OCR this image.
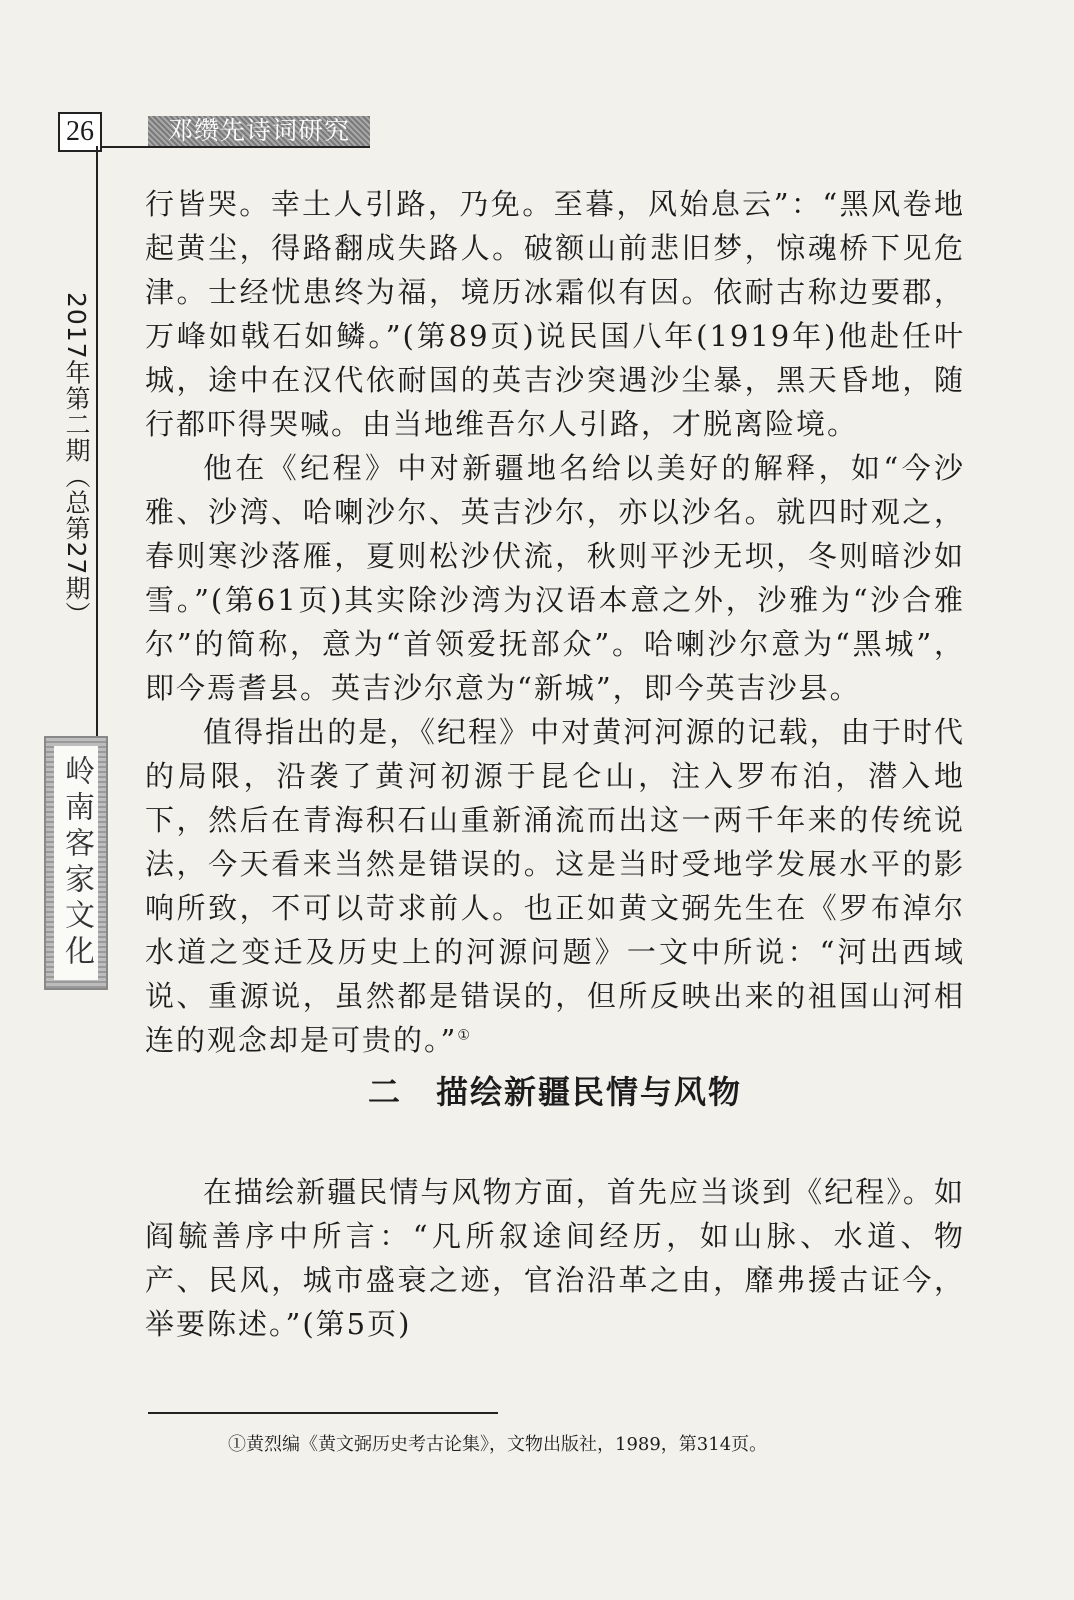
26	邓缵先诗词研究
2017年第二期（总第27期）
岭南客家文化

行皆哭。幸土人引路，乃免。至暮，风始息云”：“黑风卷地起黄尘，得路翻成失路人。破额山前悲旧梦，惊魂桥下见危津。士经忧患终为福，境历冰霜似有因。依耐古称边要郡，万峰如戟石如鳞。”(第89页)说民国八年(1919年)他赴任叶城，途中在汉代依耐国的英吉沙突遇沙尘暴，黑天昏地，随行都吓得哭喊。由当地维吾尔人引路，才脱离险境。

他在《纪程》中对新疆地名给以美好的解释，如“今沙雅、沙湾、哈喇沙尔、英吉沙尔，亦以沙名。就四时观之，春则寒沙落雁，夏则松沙伏流，秋则平沙无坝，冬则暗沙如雪。”(第61页)其实除沙湾为汉语本意之外，沙雅为“沙合雅尔”的简称，意为“首领爱抚部众”。哈喇沙尔意为“黑城”，即今焉耆县。英吉沙尔意为“新城”，即今英吉沙县。

值得指出的是，《纪程》中对黄河河源的记载，由于时代的局限，沿袭了黄河初源于昆仑山，注入罗布泊，潜入地下，然后在青海积石山重新涌流而出这一两千年来的传统说法，今天看来当然是错误的。这是当时受地学发展水平的影响所致，不可以苛求前人。也正如黄文弼先生在《罗布淖尔水道之变迁及历史上的河源问题》一文中所说：“河出西域说、重源说，虽然都是错误的，但所反映出来的祖国山河相连的观念却是可贵的。”①

二　描绘新疆民情与风物

在描绘新疆民情与风物方面，首先应当谈到《纪程》。如阎毓善序中所言：“凡所叙途间经历，如山脉、水道、物产、民风，城市盛衰之迹，官治沿革之由，靡弗援古证今，举要陈述。”(第5页)

①黄烈编《黄文弼历史考古论集》，文物出版社，1989，第314页。
